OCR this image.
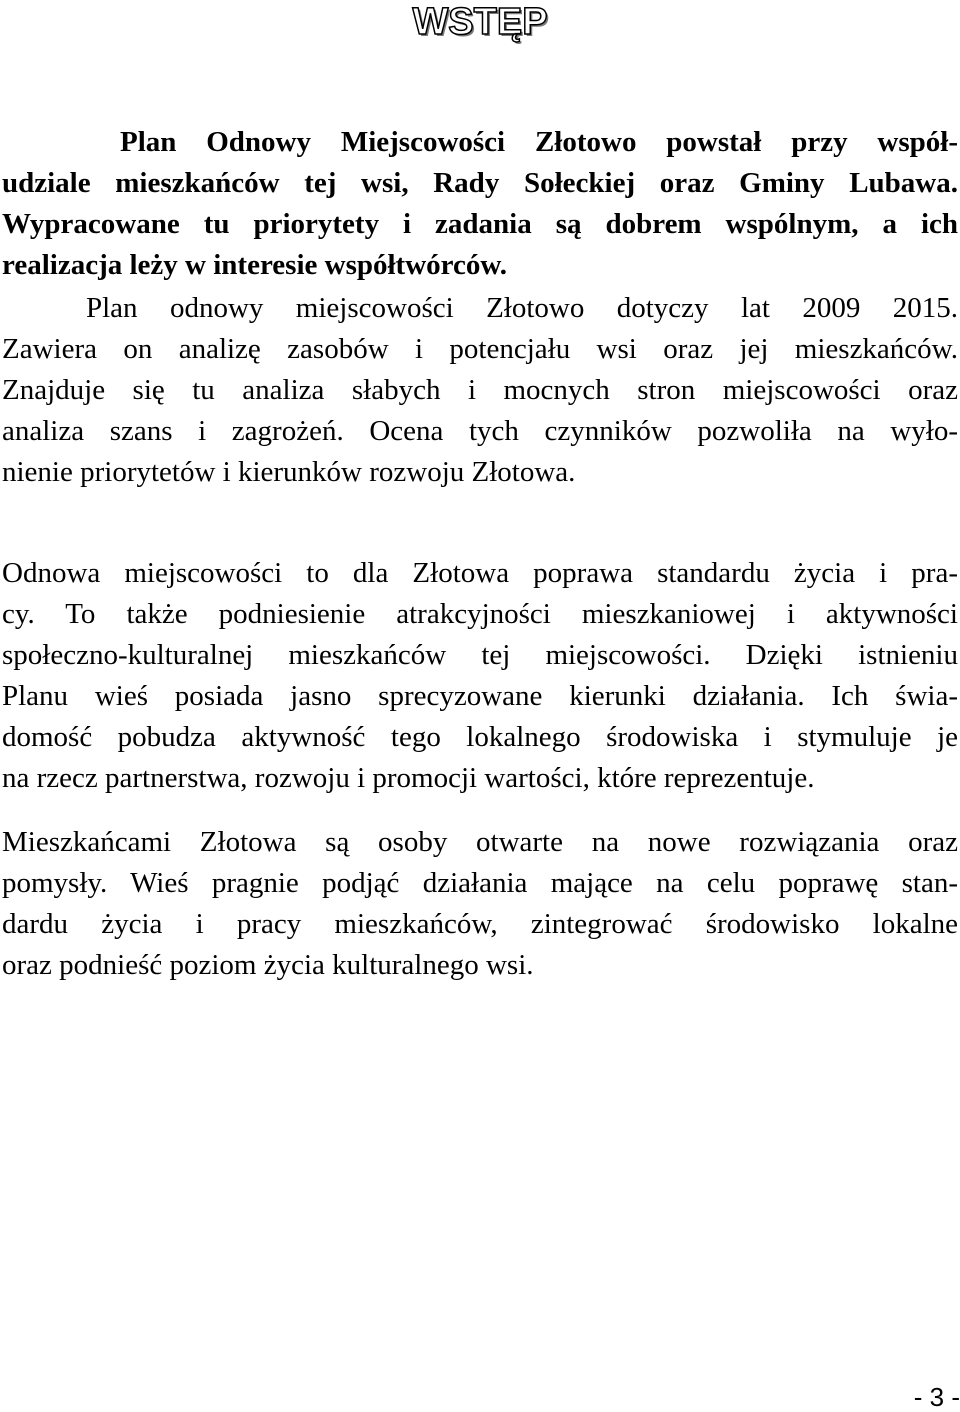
WSTĘP
Plan Odnowy Miejscowości Złotowo powstał przy współ-
udziale mieszkańców tej wsi, Rady Sołeckiej oraz Gminy Lubawa.
Wypracowane tu priorytety i zadania są dobrem wspólnym, a ich
realizacja leży w interesie współtwórców.
Plan odnowy miejscowości Złotowo dotyczy lat 2009 2015.
Zawiera on analizę zasobów i potencjału wsi oraz jej mieszkańców.
Znajduje się tu analiza słabych i mocnych stron miejscowości oraz
analiza szans i zagrożeń. Ocena tych czynników pozwoliła na wyło-
nienie priorytetów i kierunków rozwoju Złotowa.
Odnowa miejscowości to dla Złotowa poprawa standardu życia i pra-
cy. To także podniesienie atrakcyjności mieszkaniowej i aktywności
społeczno-kulturalnej mieszkańców tej miejscowości. Dzięki istnieniu
Planu wieś posiada jasno sprecyzowane kierunki działania. Ich świa-
domość pobudza aktywność tego lokalnego środowiska i stymuluje je
na rzecz partnerstwa, rozwoju i promocji wartości, które reprezentuje.
Mieszkańcami Złotowa są osoby otwarte na nowe rozwiązania oraz
pomysły. Wieś pragnie podjąć działania mające na celu poprawę stan-
dardu życia i pracy mieszkańców, zintegrować środowisko lokalne
oraz podnieść poziom życia kulturalnego wsi.
- 3 -
